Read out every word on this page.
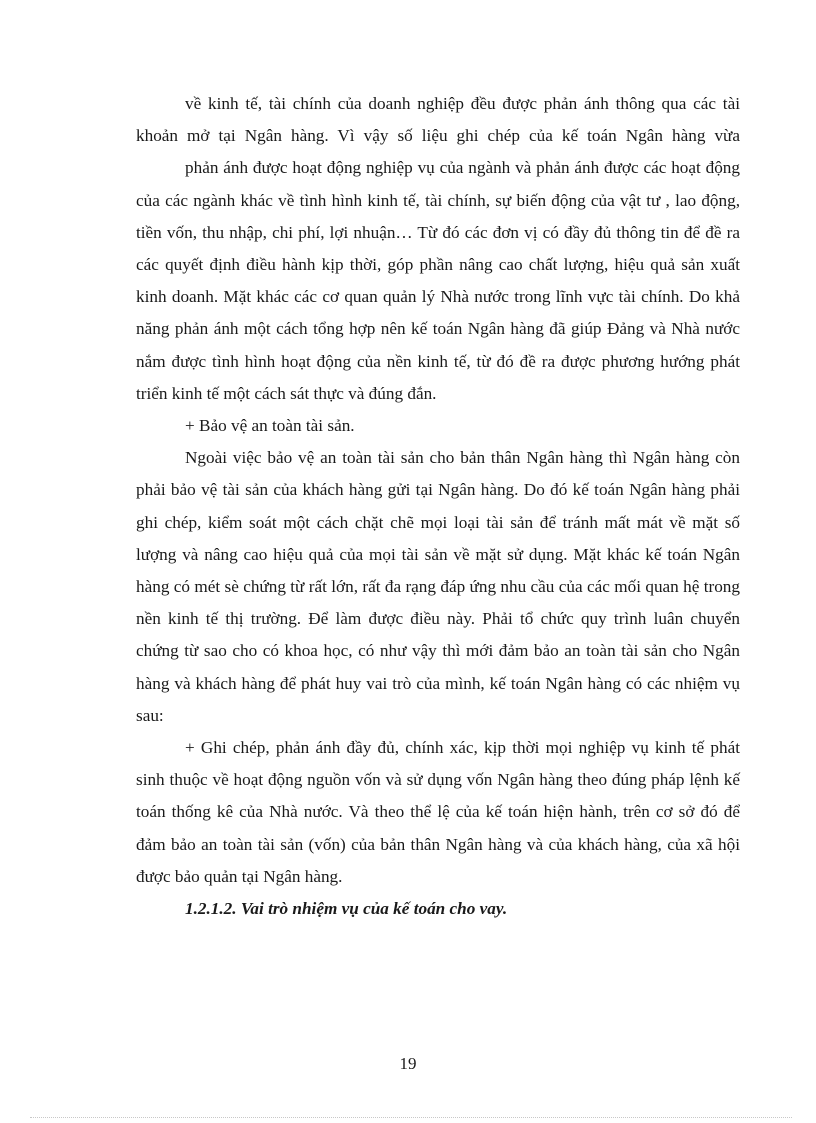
về kinh tế, tài chính của doanh nghiệp đều được phản ánh thông qua các tài khoản mở tại Ngân hàng. Vì vậy số liệu ghi chép của kế toán Ngân hàng vừa

phản ánh được hoạt động nghiệp vụ của ngành và phản ánh được các hoạt động của các ngành khác về tình hình kinh tế, tài chính, sự biến động của vật tư , lao động, tiền vốn, thu nhập, chi phí, lợi nhuận… Từ đó các đơn vị có đầy đủ thông tin để đề ra các quyết định điều hành kịp thời, góp phần nâng cao chất lượng, hiệu quả sản xuất kinh doanh. Mặt khác các cơ quan quản lý Nhà nước trong lĩnh vực tài chính. Do khả năng phản ánh một cách tổng hợp nên kế toán Ngân hàng đã giúp Đảng và Nhà nước nắm được tình hình hoạt động của nền kinh tế, từ đó đề ra được phương hướng phát triển kinh tế một cách sát thực và đúng đắn.

+ Bảo vệ an toàn tài sản.

Ngoài việc bảo vệ an toàn tài sản cho bản thân Ngân hàng thì Ngân hàng còn phải bảo vệ tài sản của khách hàng gửi tại Ngân hàng. Do đó kế toán Ngân hàng phải ghi chép, kiểm soát một cách chặt chẽ mọi loại tài sản để tránh mất mát về mặt số lượng và nâng cao hiệu quả của mọi tài sản về mặt sử dụng. Mặt khác kế toán Ngân hàng có mét sè chứng từ rất lớn, rất đa rạng đáp ứng nhu cầu của các mối quan hệ trong nền kinh tế thị trường. Để làm được điều này. Phải tổ chức quy trình luân chuyển chứng từ sao cho có khoa học, có như vậy thì mới đảm bảo an toàn tài sản cho Ngân hàng và khách hàng để phát huy vai trò của mình, kế toán Ngân hàng có các nhiệm vụ sau:

+ Ghi chép, phản ánh đầy đủ, chính xác, kịp thời mọi nghiệp vụ kinh tế phát sinh thuộc về hoạt động nguồn vốn và sử dụng vốn Ngân hàng theo đúng pháp lệnh kế toán thống kê của Nhà nước. Và theo thể lệ của kế toán hiện hành, trên cơ sở đó để đảm bảo an toàn tài sản (vốn) của bản thân Ngân hàng và của khách hàng, của xã hội được bảo quản tại Ngân hàng.

1.2.1.2. Vai trò nhiệm vụ của kế toán cho vay.

19
